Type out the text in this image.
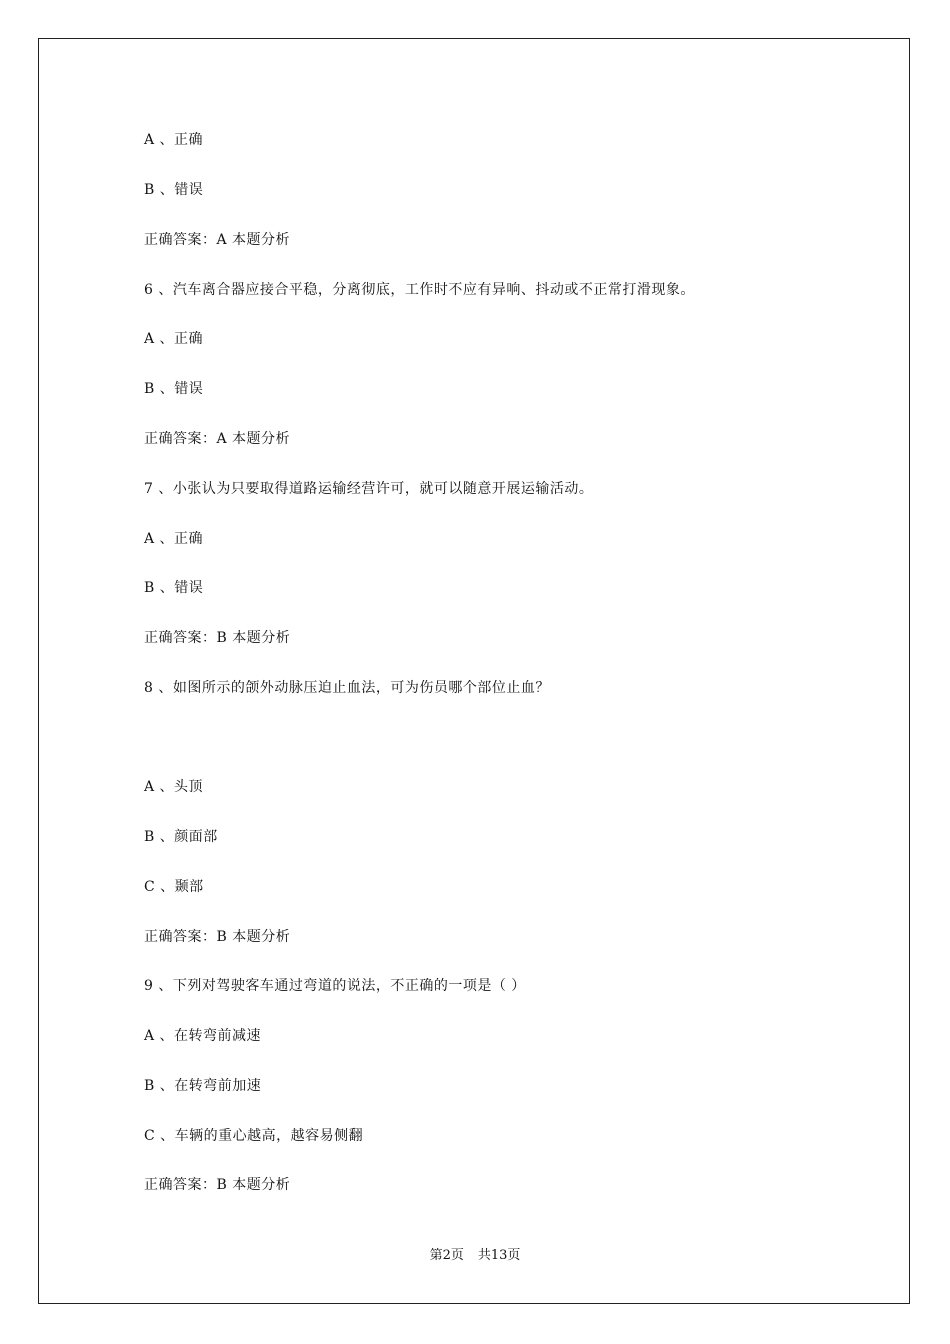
A 、正确
B 、错误
正确答案：A 本题分析
6 、汽车离合器应接合平稳，分离彻底，工作时不应有异响、抖动或不正常打滑现象。
A 、正确
B 、错误
正确答案：A 本题分析
7 、小张认为只要取得道路运输经营许可，就可以随意开展运输活动。
A 、正确
B 、错误
正确答案：B 本题分析
8 、如图所示的颌外动脉压迫止血法，可为伤员哪个部位止血？
A 、头顶
B 、颜面部
C 、颞部
正确答案：B 本题分析
9 、下列对驾驶客车通过弯道的说法，不正确的一项是（ ）
A 、在转弯前减速
B 、在转弯前加速
C 、车辆的重心越高，越容易侧翻
正确答案：B 本题分析
第2页 共13页
